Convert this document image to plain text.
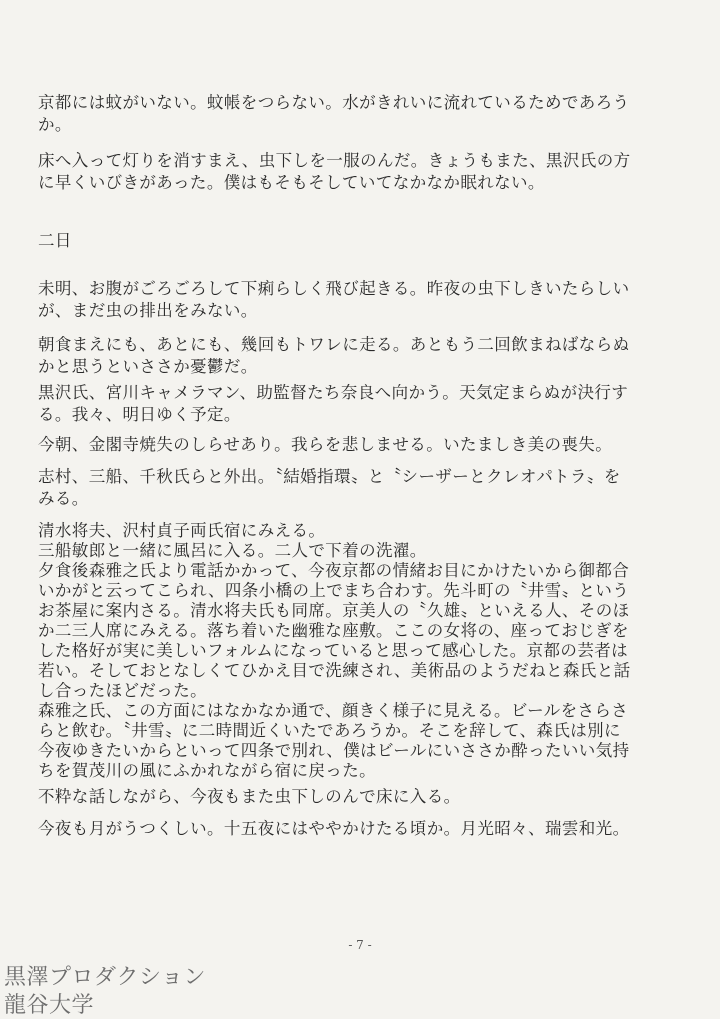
京都には蚊がいない。蚊帳をつらない。水がきれいに流れているためであろう
か。
床へ入って灯りを消すまえ、虫下しを一服のんだ。きょうもまた、黒沢氏の方
に早くいびきがあった。僕はもそもそしていてなかなか眠れない。
二日
未明、お腹がごろごろして下痢らしく飛び起きる。昨夜の虫下しきいたらしい
が、まだ虫の排出をみない。
朝食まえにも、あとにも、幾回もトワレに走る。あともう二回飲まねばならぬ
かと思うといささか憂鬱だ。
黒沢氏、宮川キャメラマン、助監督たち奈良へ向かう。天気定まらぬが決行す
る。我々、明日ゆく予定。
今朝、金閣寺焼失のしらせあり。我らを悲しませる。いたましき美の喪失。
志村、三船、千秋氏らと外出。〝結婚指環〟と〝シーザーとクレオパトラ〟を
みる。
清水将夫、沢村貞子両氏宿にみえる。
三船敏郎と一緒に風呂に入る。二人で下着の洗濯。
夕食後森雅之氏より電話かかって、今夜京都の情緒お目にかけたいから御都合
いかがと云ってこられ、四条小橋の上でまち合わす。先斗町の〝井雪〟という
お茶屋に案内さる。清水将夫氏も同席。京美人の〝久雄〟といえる人、そのほ
か二三人席にみえる。落ち着いた幽雅な座敷。ここの女将の、座っておじぎを
した格好が実に美しいフォルムになっていると思って感心した。京都の芸者は
若い。そしておとなしくてひかえ目で洗練され、美術品のようだねと森氏と話
し合ったほどだった。
森雅之氏、この方面にはなかなか通で、顔きく様子に見える。ビールをさらさ
らと飲む。〝井雪〟に二時間近くいたであろうか。そこを辞して、森氏は別に
今夜ゆきたいからといって四条で別れ、僕はビールにいささか酔ったいい気持
ちを賀茂川の風にふかれながら宿に戻った。
不粋な話しながら、今夜もまた虫下しのんで床に入る。
今夜も月がうつくしい。十五夜にはややかけたる頃か。月光昭々、瑞雲和光。
- 7 -
黒澤プロダクション
龍谷大学
